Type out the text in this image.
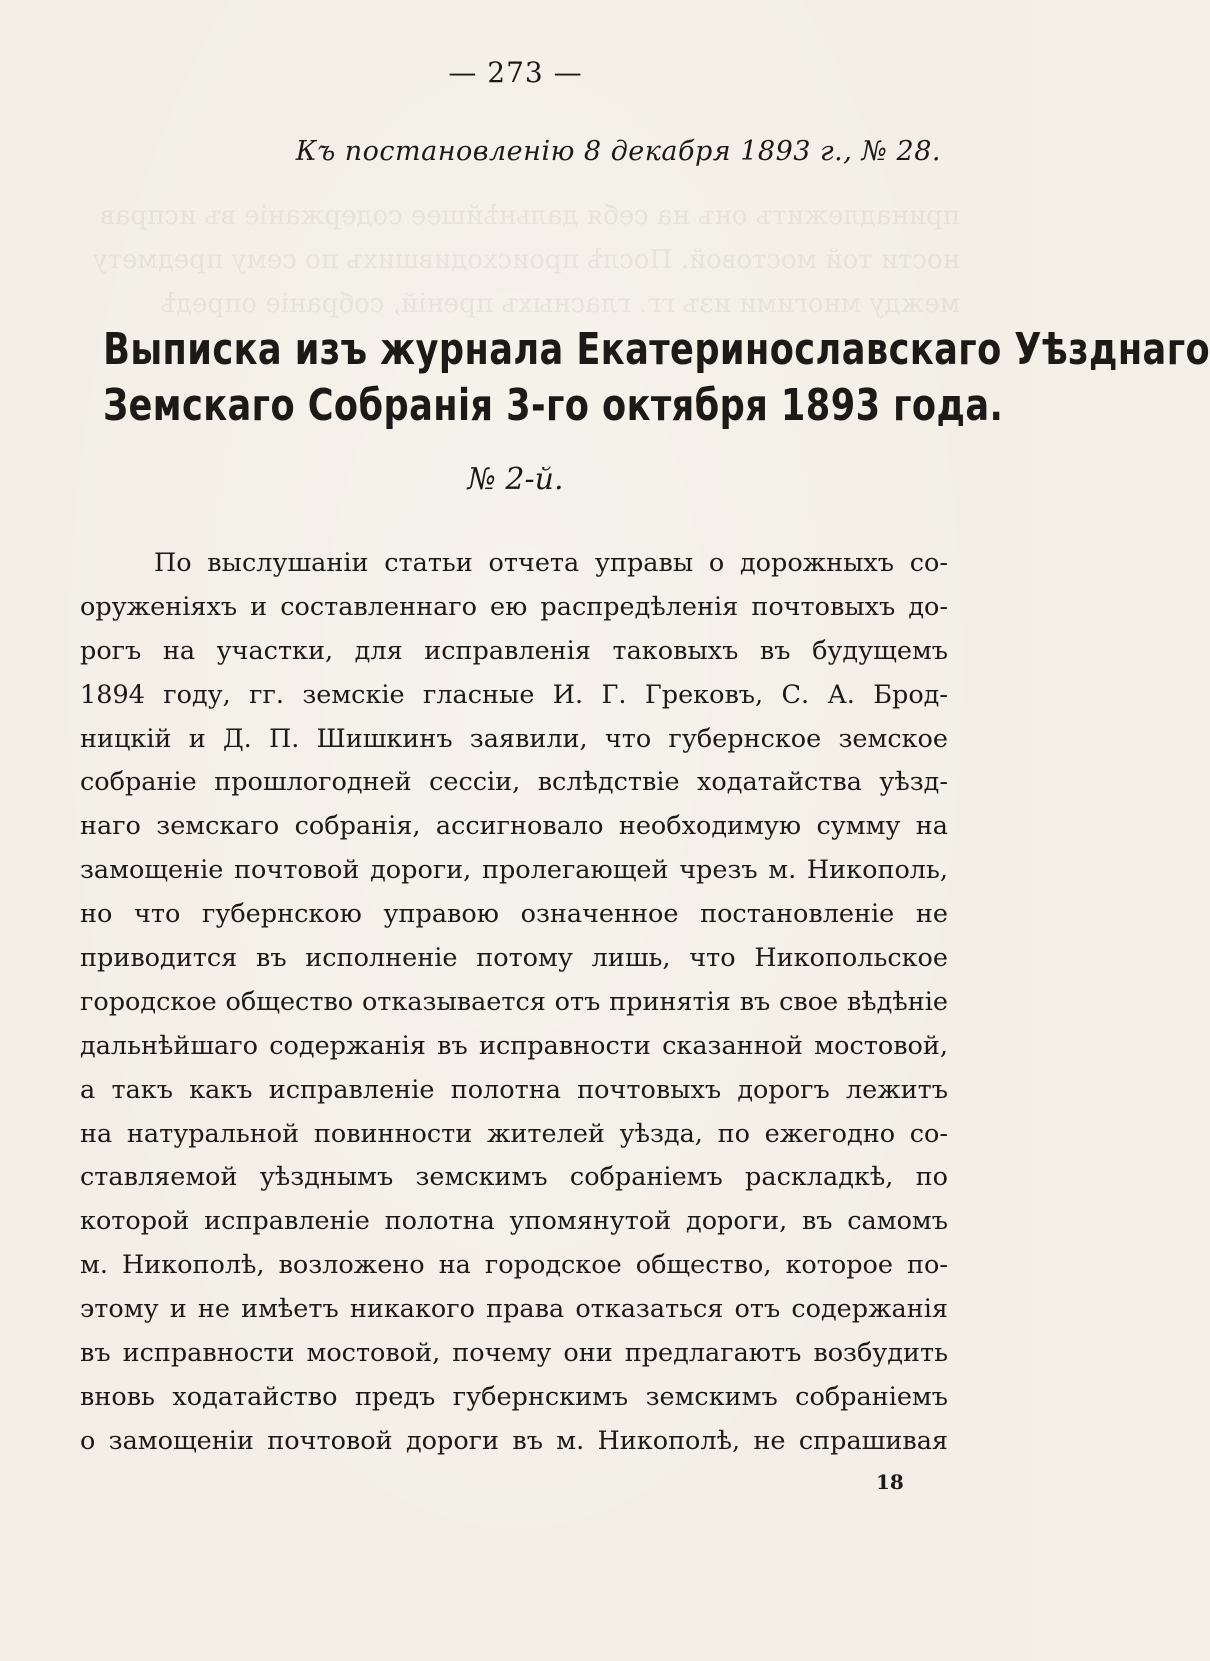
принадлежитъ онъ на себя дальнѣйшее содержаніе въ исправ
ности той мостовой. Послѣ происходившихъ по сему предмету
между многими изъ гг. гласныхъ преній, собраніе опредѣ

— 273 —
Къ постановленію 8 декабря 1893 г., № 28.
Выписка изъ журнала Екатеринославскаго Уѣзднаго
Земскаго Собранія 3-го октября 1893 года.
№ 2-й.
По выслушаніи статьи отчета управы о дорожныхъ со-
оруженіяхъ и составленнаго ею распредѣленія почтовыхъ до-
рогъ на участки, для исправленія таковыхъ въ будущемъ
1894 году, гг. земскіе гласные И. Г. Грековъ, С. А. Брод-
ницкій и Д. П. Шишкинъ заявили, что губернское земское
собраніе прошлогодней сессіи, вслѣдствіе ходатайства уѣзд-
наго земскаго собранія, ассигновало необходимую сумму на
замощеніе почтовой дороги, пролегающей чрезъ м. Никополь,
но что губернскою управою означенное постановленіе не
приводится въ исполненіе потому лишь, что Никопольское
городское общество отказывается отъ принятія въ свое вѣдѣніе
дальнѣйшаго содержанія въ исправности сказанной мостовой,
а такъ какъ исправленіе полотна почтовыхъ дорогъ лежитъ
на натуральной повинности жителей уѣзда, по ежегодно со-
ставляемой уѣзднымъ земскимъ собраніемъ раскладкѣ, по
которой исправленіе полотна упомянутой дороги, въ самомъ
м. Никополѣ, возложено на городское общество, которое по-
этому и не имѣетъ никакого права отказаться отъ содержанія
въ исправности мостовой, почему они предлагаютъ возбудить
вновь ходатайство предъ губернскимъ земскимъ собраніемъ
о замощеніи почтовой дороги въ м. Никополѣ, не спрашивая
18
